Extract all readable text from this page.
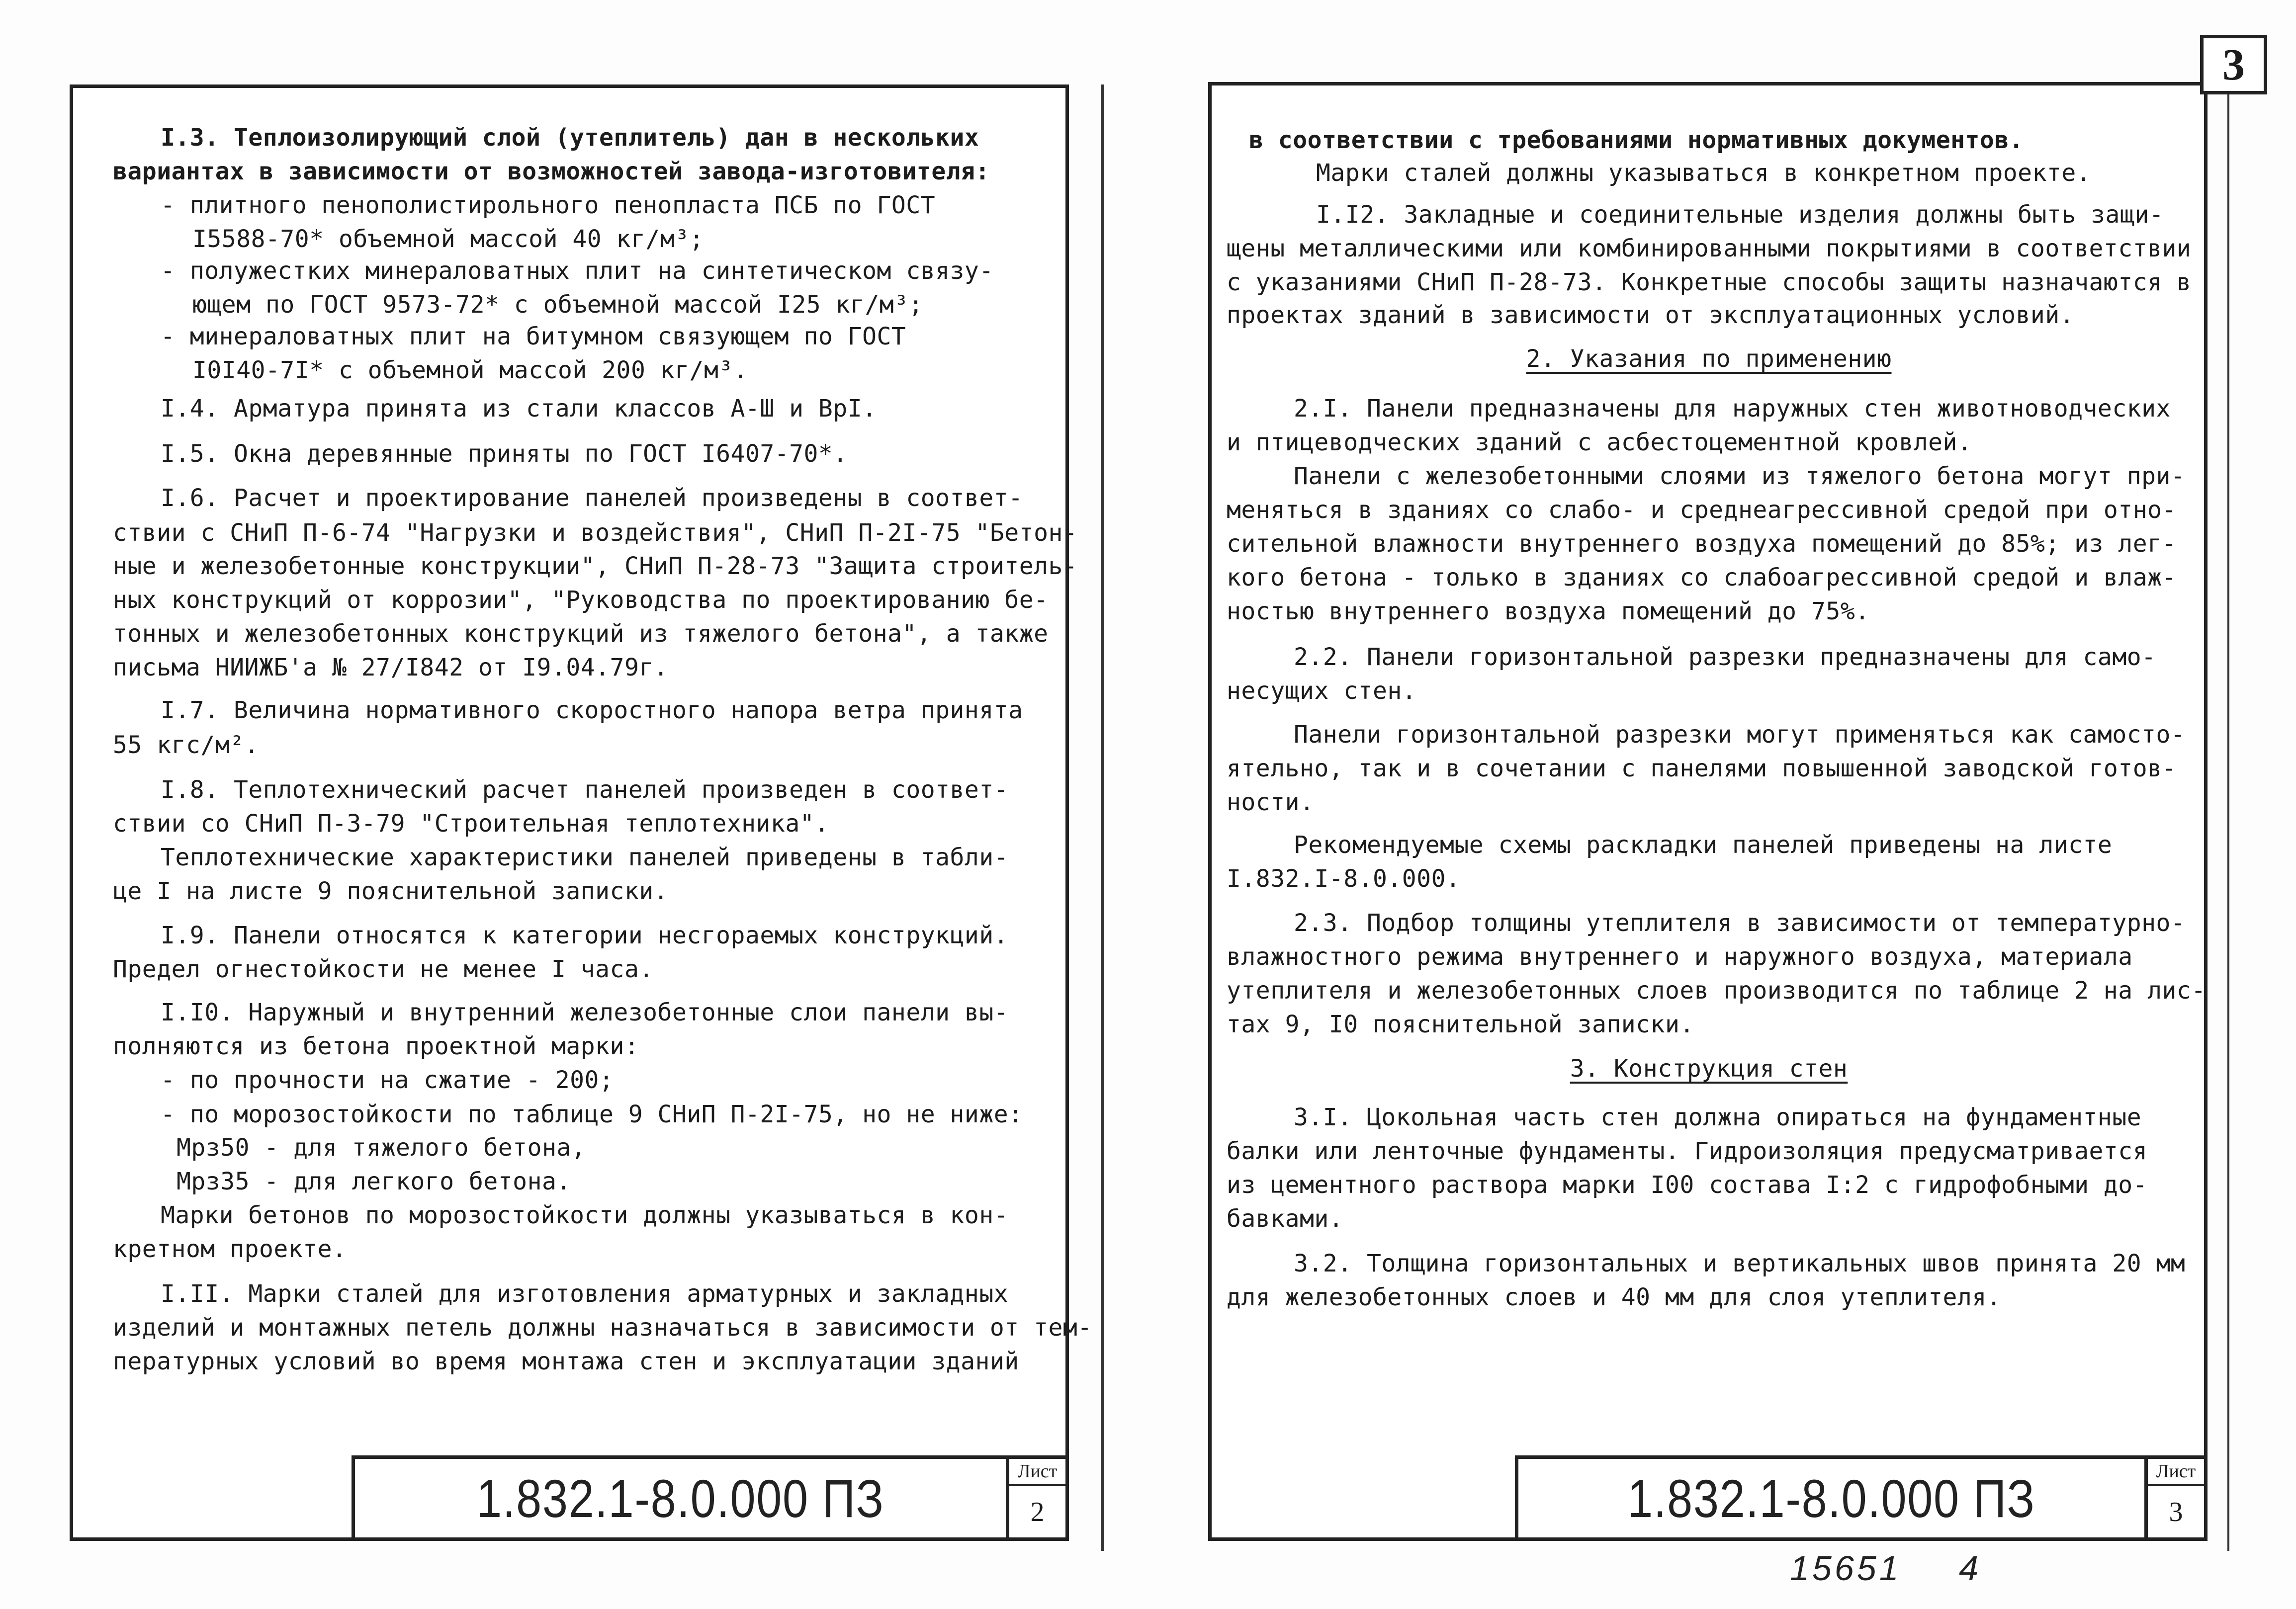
I.3. Теплоизолирующий слой (утеплитель) дан в нескольких
вариантах в зависимости от возможностей завода-изготовителя:
- плитного пенополистирольного пенопласта ПСБ по ГОСТ
I5588-70* объемной массой 40 кг/м³;
- полужестких минераловатных плит на синтетическом связу-
ющем по ГОСТ 9573-72* с объемной массой I25 кг/м³;
- минераловатных плит на битумном связующем по ГОСТ
I0I40-7I* с объемной массой 200 кг/м³.
I.4. Арматура принята из стали классов А-Ш и ВрI.
I.5. Окна деревянные приняты по ГОСТ I6407-70*.
I.6. Расчет и проектирование панелей произведены в соответ-
ствии с СНиП П-6-74 "Нагрузки и воздействия", СНиП П-2I-75 "Бетон-
ные и железобетонные конструкции", СНиП П-28-73 "Защита строитель-
ных конструкций от коррозии", "Руководства по проектированию бе-
тонных и железобетонных конструкций из тяжелого бетона", а также
письма НИИЖБ'а № 27/I842 от I9.04.79г.
I.7. Величина нормативного скоростного напора ветра принята
55 кгс/м².
I.8. Теплотехнический расчет панелей произведен в соответ-
ствии со СНиП П-3-79 "Строительная теплотехника".
Теплотехнические характеристики панелей приведены в табли-
це I на листе 9 пояснительной записки.
I.9. Панели относятся к категории несгораемых конструкций.
Предел огнестойкости не менее I часа.
I.I0. Наружный и внутренний железобетонные слои панели вы-
полняются из бетона проектной марки:
- по прочности на сжатие - 200;
- по морозостойкости по таблице 9 СНиП П-2I-75, но не ниже:
Мрз50 - для тяжелого бетона,
Мрз35 - для легкого бетона.
Марки бетонов по морозостойкости должны указываться в кон-
кретном проекте.
I.II. Марки сталей для изготовления арматурных и закладных
изделий и монтажных петель должны назначаться в зависимости от тем-
пературных условий во время монтажа стен и эксплуатации зданий
1.832.1-8.0.000 ПЗ	Лист
2
в соответствии с требованиями нормативных документов.
Марки сталей должны указываться в конкретном проекте.
I.I2. Закладные и соединительные изделия должны быть защи-
щены металлическими или комбинированными покрытиями в соответствии
с указаниями СНиП П-28-73. Конкретные способы защиты назначаются в
проектах зданий в зависимости от эксплуатационных условий.
2. Указания по применению
2.I. Панели предназначены для наружных стен животноводческих
и птицеводческих зданий с асбестоцементной кровлей.
Панели с железобетонными слоями из тяжелого бетона могут при-
меняться в зданиях со слабо- и среднеагрессивной средой при отно-
сительной влажности внутреннего воздуха помещений до 85%; из лег-
кого бетона - только в зданиях со слабоагрессивной средой и влаж-
ностью внутреннего воздуха помещений до 75%.
2.2. Панели горизонтальной разрезки предназначены для само-
несущих стен.
Панели горизонтальной разрезки могут применяться как самосто-
ятельно, так и в сочетании с панелями повышенной заводской готов-
ности.
Рекомендуемые схемы раскладки панелей приведены на листе
I.832.I-8.0.000.
2.3. Подбор толщины утеплителя в зависимости от температурно-
влажностного режима внутреннего и наружного воздуха, материала
утеплителя и железобетонных слоев производится по таблице 2 на лис-
тах 9, I0 пояснительной записки.
3. Конструкция стен
3.I. Цокольная часть стен должна опираться на фундаментные
балки или ленточные фундаменты. Гидроизоляция предусматривается
из цементного раствора марки I00 состава I:2 с гидрофобными до-
бавками.
3.2. Толщина горизонтальных и вертикальных швов принята 20 мм
для железобетонных слоев и 40 мм для слоя утеплителя.
1.832.1-8.0.000 ПЗ	Лист
3
3
15651 4
